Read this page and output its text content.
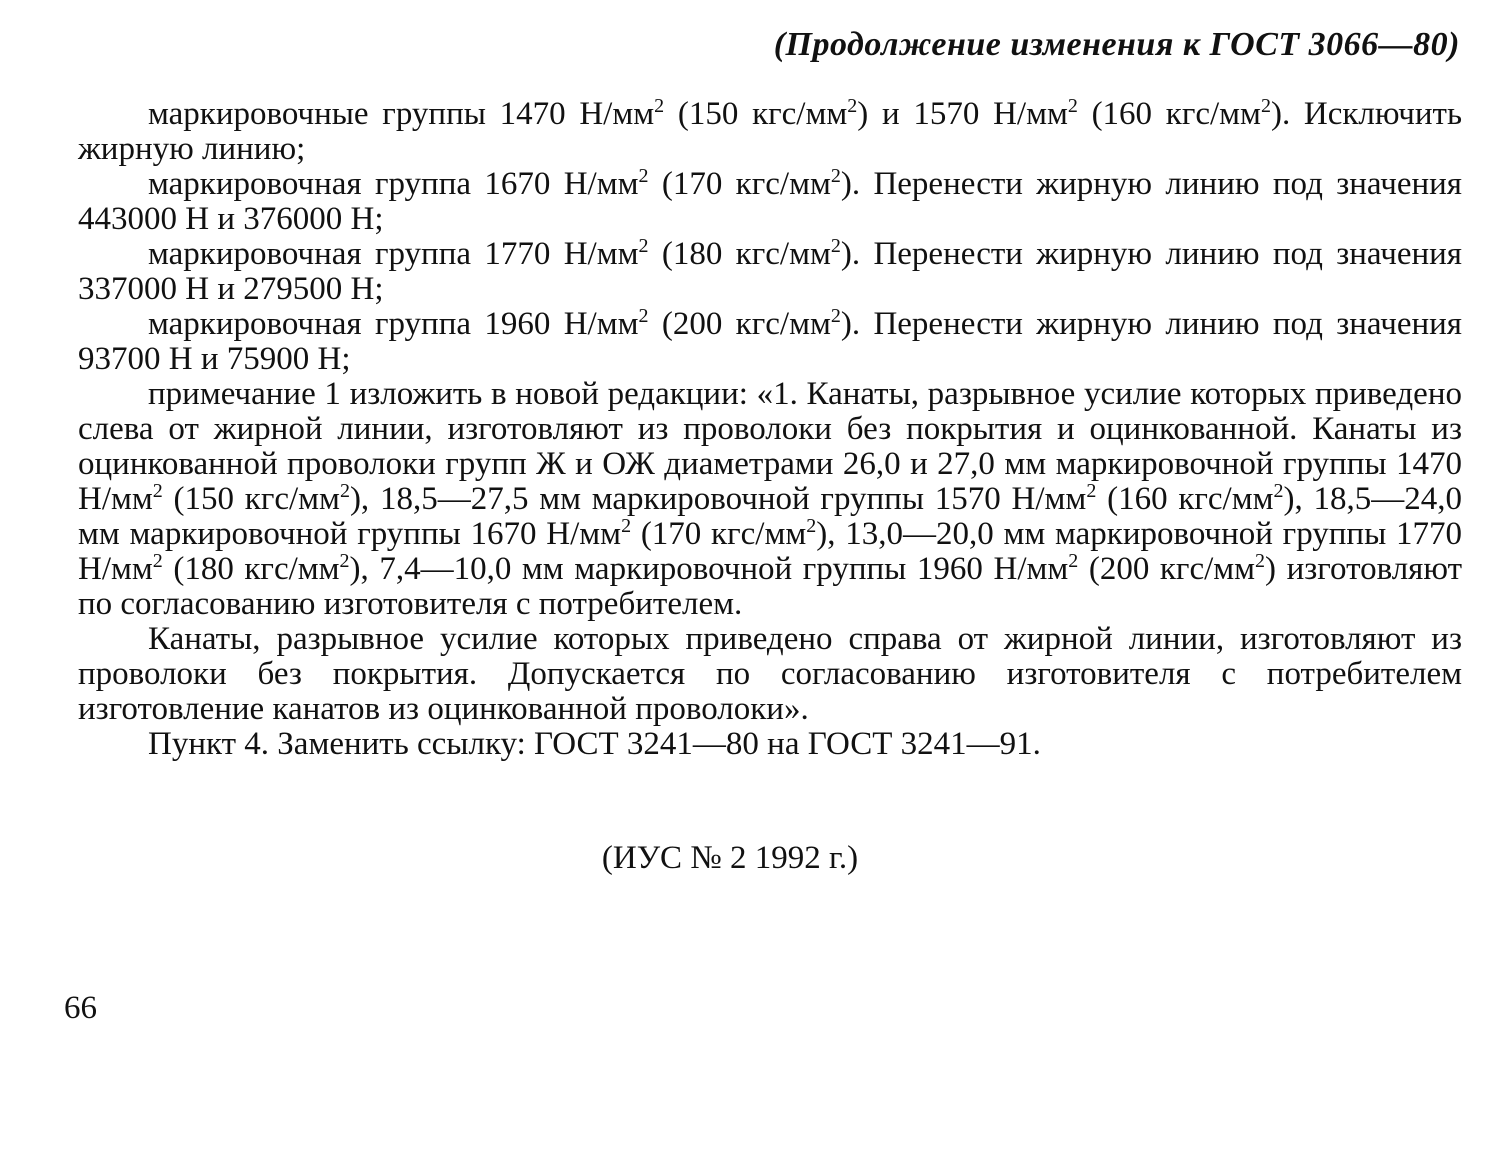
(Продолжение изменения к ГОСТ 3066—80)

маркировочные группы 1470 $Н/мм^2$ (150 кгс/$мм^2$) и 1570 $Н/мм^2$ (160 кгс/$мм^2$). Исключить жирную линию;

маркировочная группа 1670 $Н/мм^2$ (170 кгс/$мм^2$). Перенести жирную линию под значения 443000 Н и 376000 Н;

маркировочная группа 1770 $Н/мм^2$ (180 кгс/$мм^2$). Перенести жирную линию под значения 337000 Н и 279500 Н;

маркировочная группа 1960 $Н/мм^2$ (200 кгс/$мм^2$). Перенести жирную линию под значения 93700 Н и 75900 Н;

примечание 1 изложить в новой редакции: «1. Канаты, разрывное усилие которых приведено слева от жирной линии, изготовляют из проволоки без покрытия и оцинкованной. Канаты из оцинкованной проволоки групп Ж и ОЖ диаметрами 26,0 и 27,0 мм маркировочной группы 1470 $Н/мм^2$ (150 кгс/$мм^2$), 18,5—27,5 мм маркировочной группы 1570 $Н/мм^2$ (160 кгс/$мм^2$), 18,5—24,0 мм маркировочной группы 1670 $Н/мм^2$ (170 кгс/$мм^2$), 13,0—20,0 мм маркировочной группы 1770 $Н/мм^2$ (180 кгс/$мм^2$), 7,4—10,0 мм маркировочной группы 1960 $Н/мм^2$ (200 кгс/$мм^2$) изготовляют по согласованию изготовителя с потребителем.

Канаты, разрывное усилие которых приведено справа от жирной линии, изготовляют из проволоки без покрытия. Допускается по согласованию изготовителя с потребителем изготовление канатов из оцинкованной проволоки».

Пункт 4. Заменить ссылку: ГОСТ 3241—80 на ГОСТ 3241—91.

(ИУС № 2 1992 г.)
66
